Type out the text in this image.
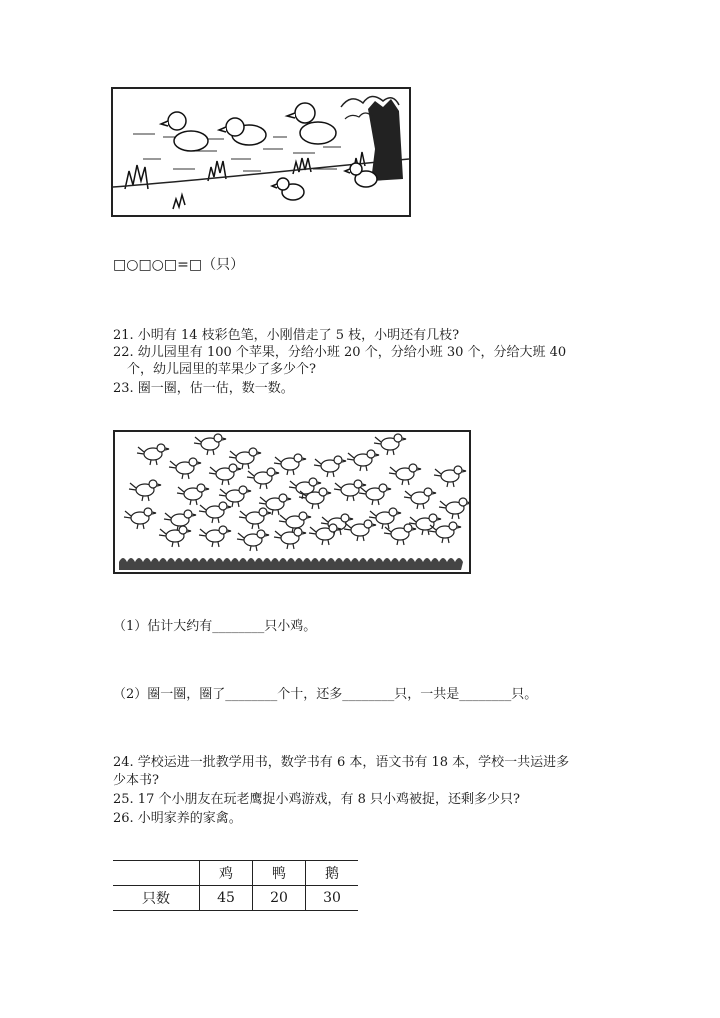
□○□○□=□（只）
21. 小明有 14 枝彩色笔，小刚借走了 5 枝，小明还有几枝?
22. 幼儿园里有 100 个苹果，分给小班 20 个，分给小班 30 个，分给大班 40
个，幼儿园里的苹果少了多少个?
23. 圈一圈，估一估，数一数。
（1）估计大约有________只小鸡。
（2）圈一圈，圈了________个十，还多________只，一共是________只。
24. 学校运进一批教学用书，数学书有 6 本，语文书有 18 本，学校一共运进多
少本书?
25. 17 个小朋友在玩老鹰捉小鸡游戏，有 8 只小鸡被捉，还剩多少只?
26. 小明家养的家禽。
	鸡	鸭	鹅
只数	45	20	30
